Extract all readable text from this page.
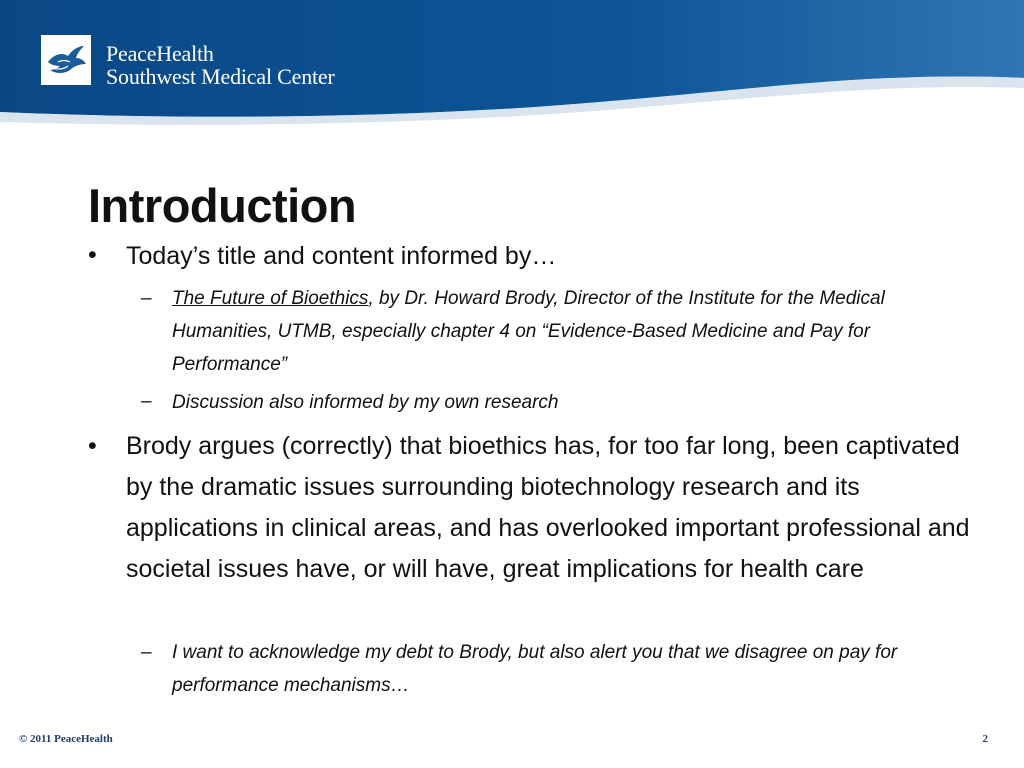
PeaceHealth
Southwest Medical Center
Introduction
• Today’s title and content informed by…
– The Future of Bioethics, by Dr. Howard Brody, Director of the Institute for the Medical Humanities, UTMB, especially chapter 4 on “Evidence-Based Medicine and Pay for Performance”
– Discussion also informed by my own research
• Brody argues (correctly) that bioethics has, for too far long, been captivated by the dramatic issues surrounding biotechnology research and its applications in clinical areas, and has overlooked important professional and societal issues have, or will have, great implications for health care
– I want to acknowledge my debt to Brody, but also alert you that we disagree on pay for performance mechanisms…
© 2011 PeaceHealth	2
